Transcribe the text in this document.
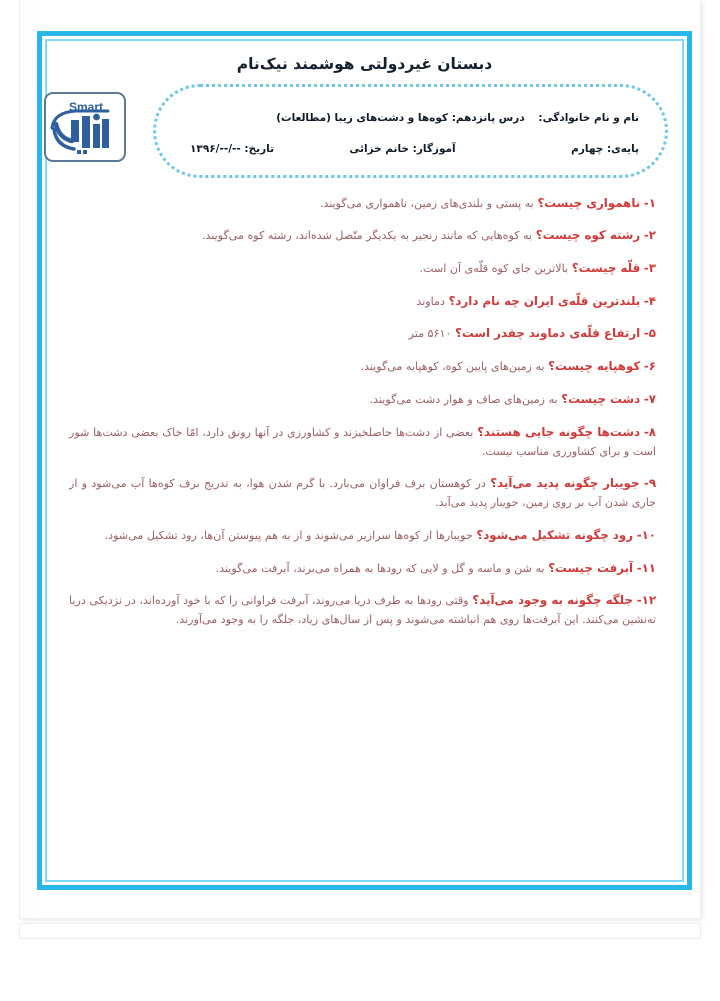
دبستان غیردولتی هوشمند نیک‌نام
Smart
نام و نام خانوادگی:
درس پانزدهم: کوه‌ها و دشت‌های زیبا (مطالعات)
پایه‌ی: چهارم
آموزگار: خانم خزائی
تاریخ: --/--/۱۳۹۶
۱- ناهمواری چیست؟ به پستی و بلندی‌های زمین، ناهمواری می‌گویند.
۲- رشته کوه چیست؟ به کوه‌هایی که مانند زنجیر به یکدیگر متّصل شده‌اند، رشته کوه می‌گویند.
۳- قلّه چیست؟ بالاترین جای کوه قلّه‌ی آن است.
۴- بلندترین قلّه‌ی ایران چه نام دارد؟ دماوند
۵- ارتفاع قلّه‌ی دماوند چقدر است؟ ۵۶۱۰ متر
۶- کوهپایه چیست؟ به زمین‌های پایین کوه، کوهپایه می‌گویند.
۷- دشت چیست؟ به زمین‌های صاف و هوار دشت می‌گویند.
۸- دشت‌ها چگونه جایی هستند؟ بعضی از دشت‌ها حاصلخیزند و کشاورزی در آنها رونق دارد، امّا خاک بعضی دشت‌ها شور است و برای کشاورزی مناسب نیست.
۹- جویبار چگونه پدید می‌آید؟ در کوهستان برف فراوان می‌بارد. با گرم شدن هوا، به تدریج برف کوه‌ها آب می‌شود و از جاری شدن آب بر روی زمین، جویبار پدید می‌آید.
۱۰- رود چگونه تشکیل می‌شود؟ جویبارها از کوه‌ها سرازیر می‌شوند و از به هم پیوستن آن‌ها، رود تشکیل می‌شود.
۱۱- آبرفت چیست؟ به شن و ماسه و گل و لایی که رودها به همراه می‌برند، آبرفت می‌گویند.
۱۲- جلگه چگونه به وجود می‌آید؟ وقتی رودها به طرف دریا می‌روند، آبرفت فراوانی را که با خود آورده‌اند، در نزدیکی دریا ته‌نشین می‌کنند. این آبرفت‌ها روی هم انباشته می‌شوند و پس از سال‌های زیاد، جلگه را به وجود می‌آورند.
